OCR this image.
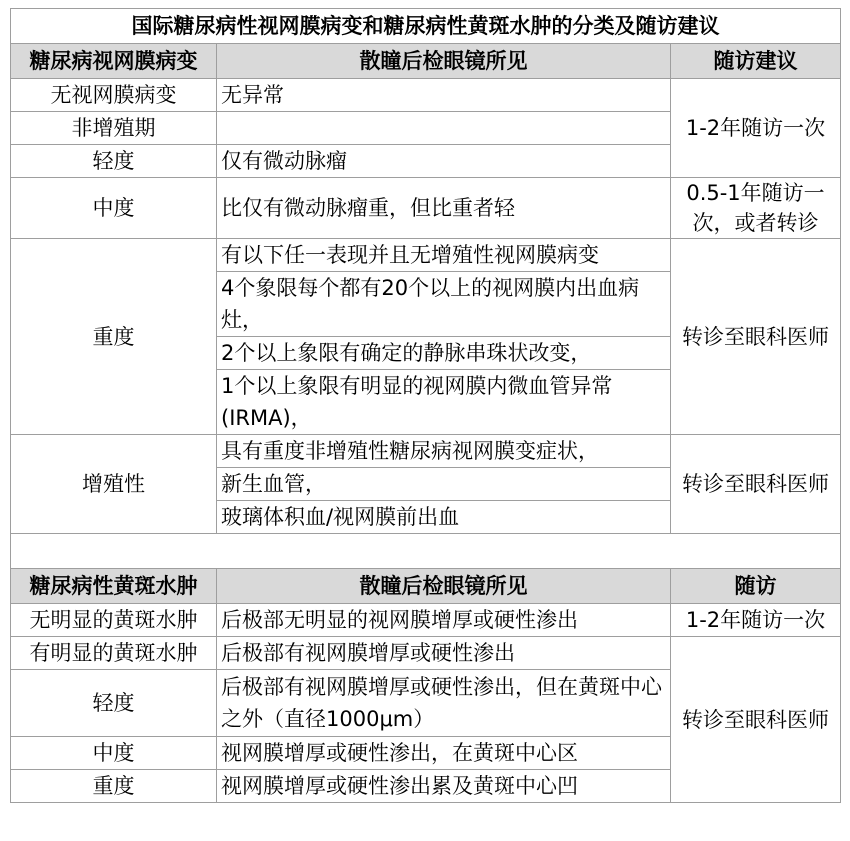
国际糖尿病性视网膜病变和糖尿病性黄斑水肿的分类及随访建议		
糖尿病视网膜病变	散瞳后检眼镜所见	随访建议
无视网膜病变	无异常	1-2年随访一次
非增殖期		
轻度	仅有微动脉瘤	
中度	比仅有微动脉瘤重，但比重者轻	0.5-1年随访一次，或者转诊
重度	有以下任一表现并且无增殖性视网膜病变	转诊至眼科医师
	4个象限每个都有20个以上的视网膜内出血病灶，	
	2个以上象限有确定的静脉串珠状改变，	
	1个以上象限有明显的视网膜内微血管异常(IRMA)，	
增殖性	具有重度非增殖性糖尿病视网膜变症状，	转诊至眼科医师
	新生血管，	
	玻璃体积血/视网膜前出血	

糖尿病性黄斑水肿	散瞳后检眼镜所见	随访
无明显的黄斑水肿	后极部无明显的视网膜增厚或硬性渗出	1-2年随访一次
有明显的黄斑水肿	后极部有视网膜增厚或硬性渗出	转诊至眼科医师
轻度	后极部有视网膜增厚或硬性渗出，但在黄斑中心之外（直径1000μm）	
中度	视网膜增厚或硬性渗出，在黄斑中心区	
重度	视网膜增厚或硬性渗出累及黄斑中心凹	
